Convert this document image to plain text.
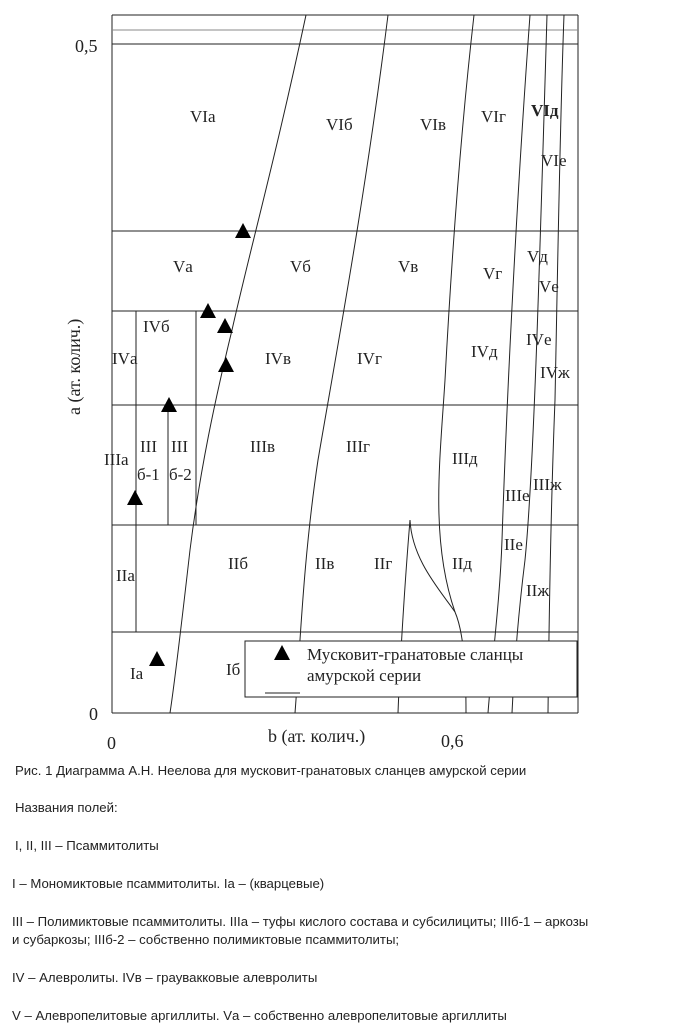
VIа	VIб	VIв VIг VIд
VIе
Vа	Vб	Vв	Vг
Vд
Vе
IVа
IVб
IVв	IVг	IVд
IVе
IVж
IIIа
III
б-1
III
б-2
IIIв	IIIг
IIIд
IIIе
IIIж
IIа
IIб	IIв IIг	IIд
IIе
IIж
Iа	Iб
Мусковит-гранатовые сланцы
амурской серии
0,5
0
0	0,6
b (ат. колич.)
а (ат. колич.)
Рис. 1 Диаграмма А.Н. Неелова для мусковит-гранатовых сланцев амурской серии
Названия полей:
I, II, III – Псаммитолиты
I – Мономиктовые псаммитолиты. Iа – (кварцевые)
III – Полимиктовые псаммитолиты. IIIа – туфы кислого состава и субсилициты; IIIб-1 – аркозы
и субаркозы; IIIб-2 – собственно полимиктовые псаммитолиты;
IV – Алевролиты. IVв – граувакковые алевролиты
V – Алевропелитовые аргиллиты. Vа – собственно алевропелитовые аргиллиты
